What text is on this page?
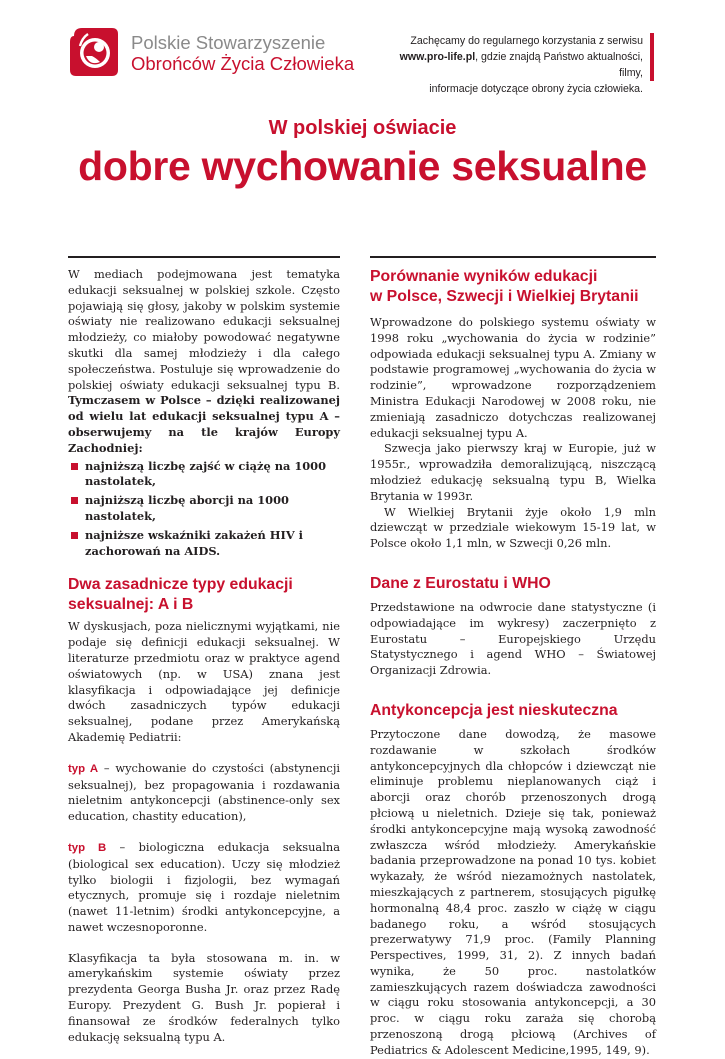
Polskie Stowarzyszenie
Obrońców Życia Człowieka
Zachęcamy do regularnego korzystania z serwisu
www.pro-life.pl, gdzie znajdą Państwo aktualności, filmy,
informacje dotyczące obrony życia człowieka.
W polskiej oświacie
dobre wychowanie seksualne

W mediach podejmowana jest tematyka edukacji seksualnej w polskiej szkole. Często pojawiają się głosy, jakoby w polskim systemie oświaty nie realizowano edukacji seksualnej młodzieży, co miałoby powodować negatywne skutki dla samej młodzieży i dla całego społeczeństwa. Postuluje się wprowadzenie do polskiej oświaty edukacji seksualnej typu B. Tymczasem w Polsce – dzięki realizowanej od wielu lat edukacji seksualnej typu A – obserwujemy na tle krajów Europy Zachodniej:

najniższą liczbę zajść w ciążę na 1000 nastolatek,
najniższą liczbę aborcji na 1000 nastolatek,
najniższe wskaźniki zakażeń HIV i zachorowań na AIDS.
Dwa zasadnicze typy edukacji
seksualnej: A i B

W dyskusjach, poza nielicznymi wyjątkami, nie podaje się definicji edukacji seksualnej. W literaturze przedmiotu oraz w praktyce agend oświatowych (np. w USA) znana jest klasyfikacja i odpowiadające jej definicje dwóch zasadniczych typów edukacji seksualnej, podane przez Amerykańską Akademię Pediatrii:

typ A – wychowanie do czystości (abstynencji seksualnej), bez propagowania i rozdawania nieletnim antykoncepcji (abstinence-only sex education, chastity education),

typ B – biologiczna edukacja seksualna (biological sex education). Uczy się młodzież tylko biologii i fizjologii, bez wymagań etycznych, promuje się i rozdaje nieletnim (nawet 11-letnim) środki antykoncepcyjne, a nawet wczesnoporonne.

Klasyfikacja ta była stosowana m. in. w amerykańskim systemie oświaty przez prezydenta Georga Busha Jr. oraz przez Radę Europy. Prezydent G. Bush Jr. popierał i finansował ze środków federalnych tylko edukację seksualną typu A.

Porównanie wyników edukacji
w Polsce, Szwecji i Wielkiej Brytanii

Wprowadzone do polskiego systemu oświaty w 1998 roku „wychowania do życia w rodzinie” odpowiada edukacji seksualnej typu A. Zmiany w podstawie programowej „wychowania do życia w rodzinie”, wprowadzone rozporządzeniem Ministra Edukacji Narodowej w 2008 roku, nie zmieniają zasadniczo dotychczas realizowanej edukacji seksualnej typu A.

Szwecja jako pierwszy kraj w Europie, już w 1955r., wprowadziła demoralizującą, niszczącą młodzież edukację seksualną typu B, Wielka Brytania w 1993r.

W Wielkiej Brytanii żyje około 1,9 mln dziewcząt w przedziale wiekowym 15-19 lat, w Polsce około 1,1 mln, w Szwecji 0,26 mln.

Dane z Eurostatu i WHO

Przedstawione na odwrocie dane statystyczne (i odpowiadające im wykresy) zaczerpnięto z Eurostatu – Europejskiego Urzędu Statystycznego i agend WHO – Światowej Organizacji Zdrowia.

Antykoncepcja jest nieskuteczna

Przytoczone dane dowodzą, że masowe rozdawanie w szkołach środków antykoncepcyjnych dla chłopców i dziewcząt nie eliminuje problemu nieplanowanych ciąż i aborcji oraz chorób przenoszonych drogą płciową u nieletnich. Dzieje się tak, ponieważ środki antykoncepcyjne mają wysoką zawodność zwłaszcza wśród młodzieży. Amerykańskie badania przeprowadzone na ponad 10 tys. kobiet wykazały, że wśród niezamożnych nastolatek, mieszkających z partnerem, stosujących pigułkę hormonalną 48,4 proc. zaszło w ciążę w ciągu badanego roku, a wśród stosujących prezerwatywy 71,9 proc. (Family Planning Perspectives, 1999, 31, 2). Z innych badań wynika, że 50 proc. nastolatków zamieszkujących razem doświadcza zawodności w ciągu roku stosowania antykoncepcji, a 30 proc. w ciągu roku zaraża się chorobą przenoszoną drogą płciową (Archives of Pediatrics & Adolescent Medicine,1995, 149, 9).
